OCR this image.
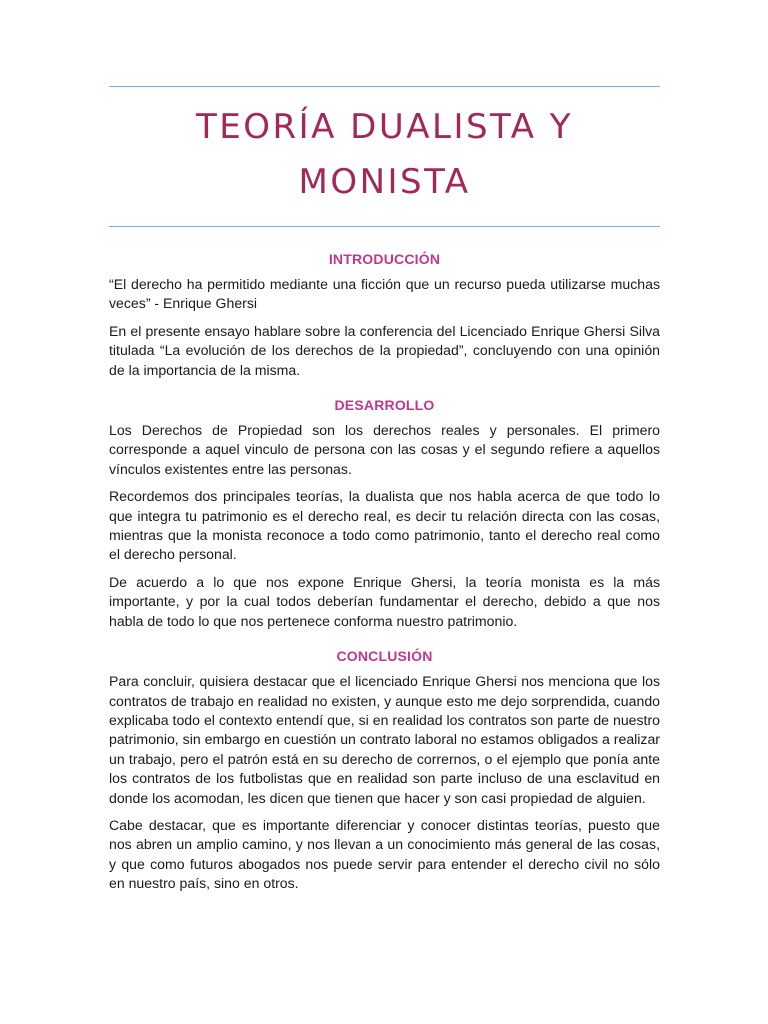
TEORÍA DUALISTA Y
MONISTA
INTRODUCCIÓN

“El derecho ha permitido mediante una ficción que un recurso pueda utilizarse muchas veces” - Enrique Ghersi

En el presente ensayo hablare sobre la conferencia del Licenciado Enrique Ghersi Silva titulada “La evolución de los derechos de la propiedad”, concluyendo con una opinión de la importancia de la misma.

DESARROLLO

Los Derechos de Propiedad son los derechos reales y personales. El primero corresponde a aquel vinculo de persona con las cosas y el segundo refiere a aquellos vínculos existentes entre las personas.

Recordemos dos principales teorías, la dualista que nos habla acerca de que todo lo que integra tu patrimonio es el derecho real, es decir tu relación directa con las cosas, mientras que la monista reconoce a todo como patrimonio, tanto el derecho real como el derecho personal.

De acuerdo a lo que nos expone Enrique Ghersi, la teoría monista es la más importante, y por la cual todos deberían fundamentar el derecho, debido a que nos habla de todo lo que nos pertenece conforma nuestro patrimonio.

CONCLUSIÓN

Para concluir, quisiera destacar que el licenciado Enrique Ghersi nos menciona que los contratos de trabajo en realidad no existen, y aunque esto me dejo sorprendida, cuando explicaba todo el contexto entendí que, si en realidad los contratos son parte de nuestro patrimonio, sin embargo en cuestión un contrato laboral no estamos obligados a realizar un trabajo, pero el patrón está en su derecho de corrernos, o el ejemplo que ponía ante los contratos de los futbolistas que en realidad son parte incluso de una esclavitud en donde los acomodan, les dicen que tienen que hacer y son casi propiedad de alguien.

Cabe destacar, que es importante diferenciar y conocer distintas teorías, puesto que nos abren un amplio camino, y nos llevan a un conocimiento más general de las cosas, y que como futuros abogados nos puede servir para entender el derecho civil no sólo en nuestro país, sino en otros.
